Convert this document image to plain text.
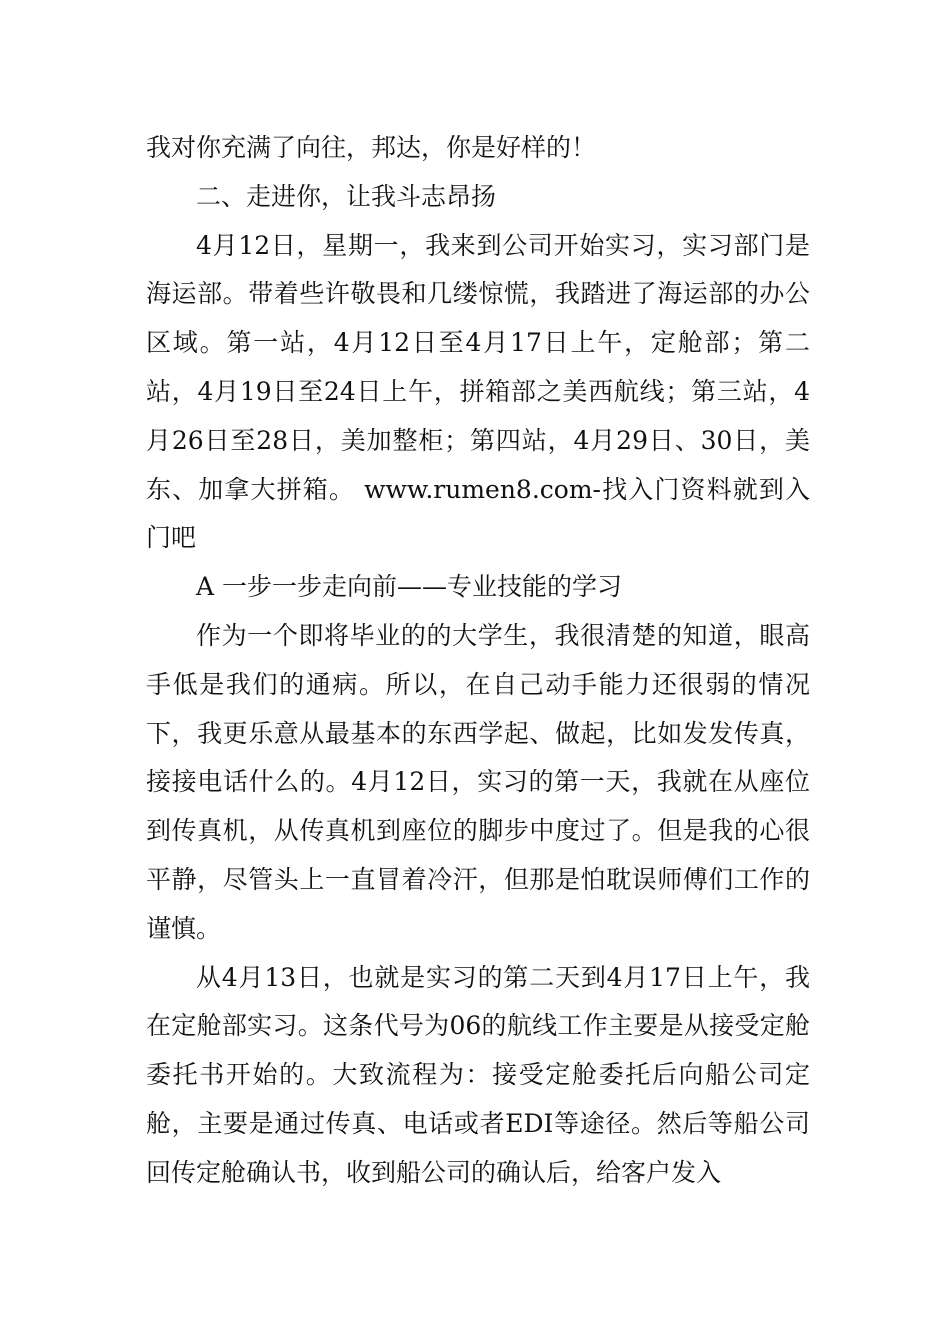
我对你充满了向往，邦达，你是好样的！

二、走进你，让我斗志昂扬

4月12日，星期一，我来到公司开始实习，实习部门是海运部。带着些许敬畏和几缕惊慌，我踏进了海运部的办公区域。第一站，4月12日至4月17日上午，定舱部；第二站，4月19日至24日上午，拼箱部之美西航线；第三站，4月26日至28日，美加整柜；第四站，4月29日、30日，美东、加拿大拼箱。 www.rumen8.com-找入门资料就到入门吧

A 一步一步走向前——专业技能的学习

作为一个即将毕业的的大学生，我很清楚的知道，眼高手低是我们的通病。所以，在自己动手能力还很弱的情况下，我更乐意从最基本的东西学起、做起，比如发发传真，接接电话什么的。4月12日，实习的第一天，我就在从座位到传真机，从传真机到座位的脚步中度过了。但是我的心很平静，尽管头上一直冒着冷汗，但那是怕耽误师傅们工作的谨慎。

从4月13日，也就是实习的第二天到4月17日上午，我在定舱部实习。这条代号为06的航线工作主要是从接受定舱委托书开始的。大致流程为：接受定舱委托后向船公司定舱，主要是通过传真、电话或者EDI等途径。然后等船公司回传定舱确认书，收到船公司的确认后，给客户发入
